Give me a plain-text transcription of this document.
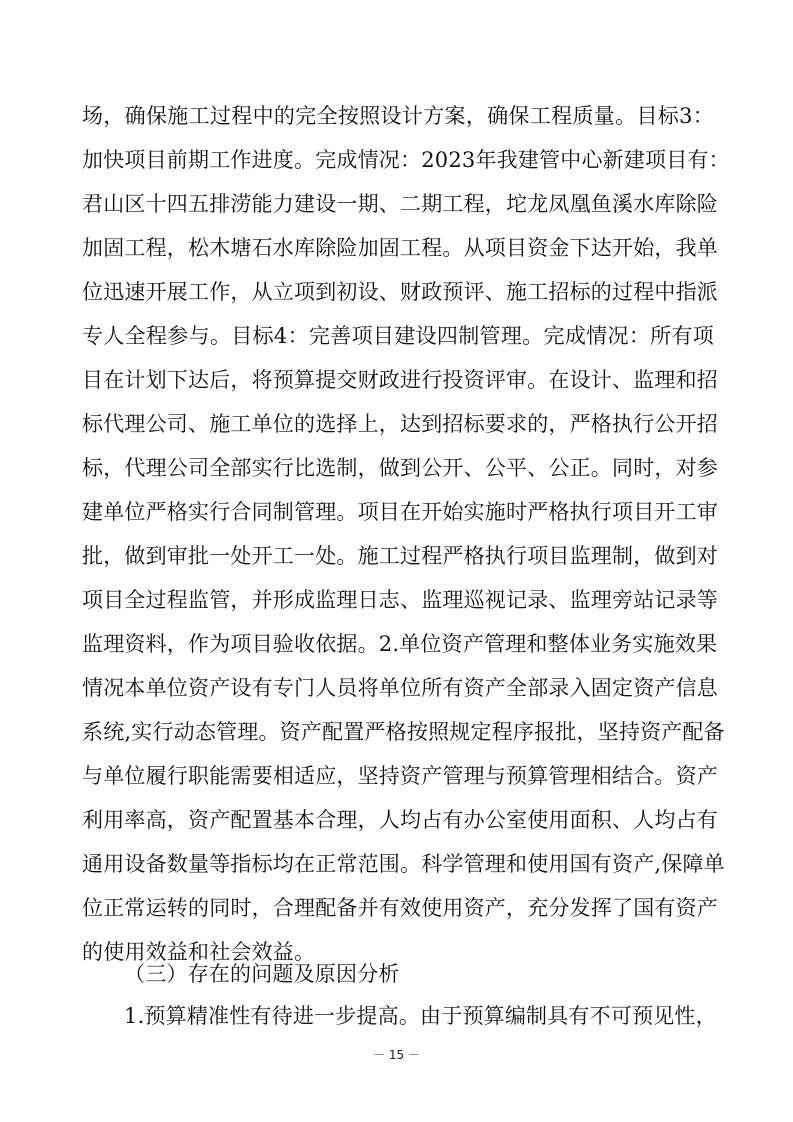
场，确保施工过程中的完全按照设计方案，确保工程质量。目标3：
加快项目前期工作进度。完成情况：2023年我建管中心新建项目有：
君山区十四五排涝能力建设一期、二期工程，坨龙凤凰鱼溪水库除险
加固工程，松木塘石水库除险加固工程。从项目资金下达开始，我单
位迅速开展工作，从立项到初设、财政预评、施工招标的过程中指派
专人全程参与。目标4：完善项目建设四制管理。完成情况：所有项
目在计划下达后，将预算提交财政进行投资评审。在设计、监理和招
标代理公司、施工单位的选择上，达到招标要求的，严格执行公开招
标，代理公司全部实行比选制，做到公开、公平、公正。同时，对参
建单位严格实行合同制管理。项目在开始实施时严格执行项目开工审
批，做到审批一处开工一处。施工过程严格执行项目监理制，做到对
项目全过程监管，并形成监理日志、监理巡视记录、监理旁站记录等
监理资料，作为项目验收依据。2.单位资产管理和整体业务实施效果
情况本单位资产设有专门人员将单位所有资产全部录入固定资产信息
系统,实行动态管理。资产配置严格按照规定程序报批，坚持资产配备
与单位履行职能需要相适应，坚持资产管理与预算管理相结合。资产
利用率高，资产配置基本合理，人均占有办公室使用面积、人均占有
通用设备数量等指标均在正常范围。科学管理和使用国有资产,保障单
位正常运转的同时，合理配备并有效使用资产，充分发挥了国有资产
的使用效益和社会效益。
（三）存在的问题及原因分析
－ 15 －
1.预算精准性有待进一步提高。由于预算编制具有不可预见性，
